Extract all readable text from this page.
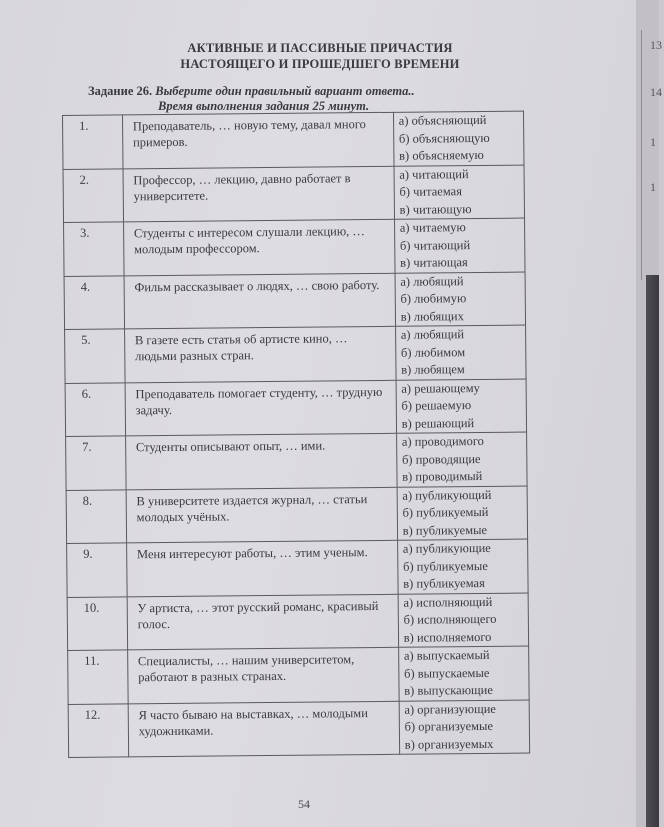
АКТИВНЫЕ И ПАССИВНЫЕ ПРИЧАСТИЯ
НАСТОЯЩЕГО И ПРОШЕДШЕГО ВРЕМЕНИ
Задание 26. Выберите один правильный вариант ответа..
Время выполнения задания 25 минут.
1.	Преподаватель, … новую тему, давал много примеров.	а) объясняющий
б) объясняющую
в) объясняемую

2.	Профессор, … лекцию, давно работает в университете.	а) читающий
б) читаемая
в) читающую

3.	Студенты с интересом слушали лекцию, … молодым профессором.	а) читаемую
б) читающий
в) читающая

4.	Фильм рассказывает о людях, … свою работу.	а) любящий
б) любимую
в) любящих

5.	В газете есть статья об артисте кино, … людьми разных стран.	а) любящий
б) любимом
в) любящем

6.	Преподаватель помогает студенту, … трудную задачу.	а) решающему
б) решаемую
в) решающий

7.	Студенты описывают опыт, … ими.	а) проводимого
б) проводящие
в) проводимый

8.	В университете издается журнал, … статьи молодых учёных.	а) публикующий
б) публикуемый
в) публикуемые

9.	Меня интересуют работы, … этим ученым.	а) публикующие
б) публикуемые
в) публикуемая

10.	У артиста, … этот русский романс, красивый голос.	а) исполняющий
б) исполняющего
в) исполняемого

11.	Специалисты, … нашим университетом, работают в разных странах.	а) выпускаемый
б) выпускаемые
в) выпускающие

12.	Я часто бываю на выставках, … молодыми художниками.	а) организующие
б) организуемые
в) организуемых
54
13
14
1
1
